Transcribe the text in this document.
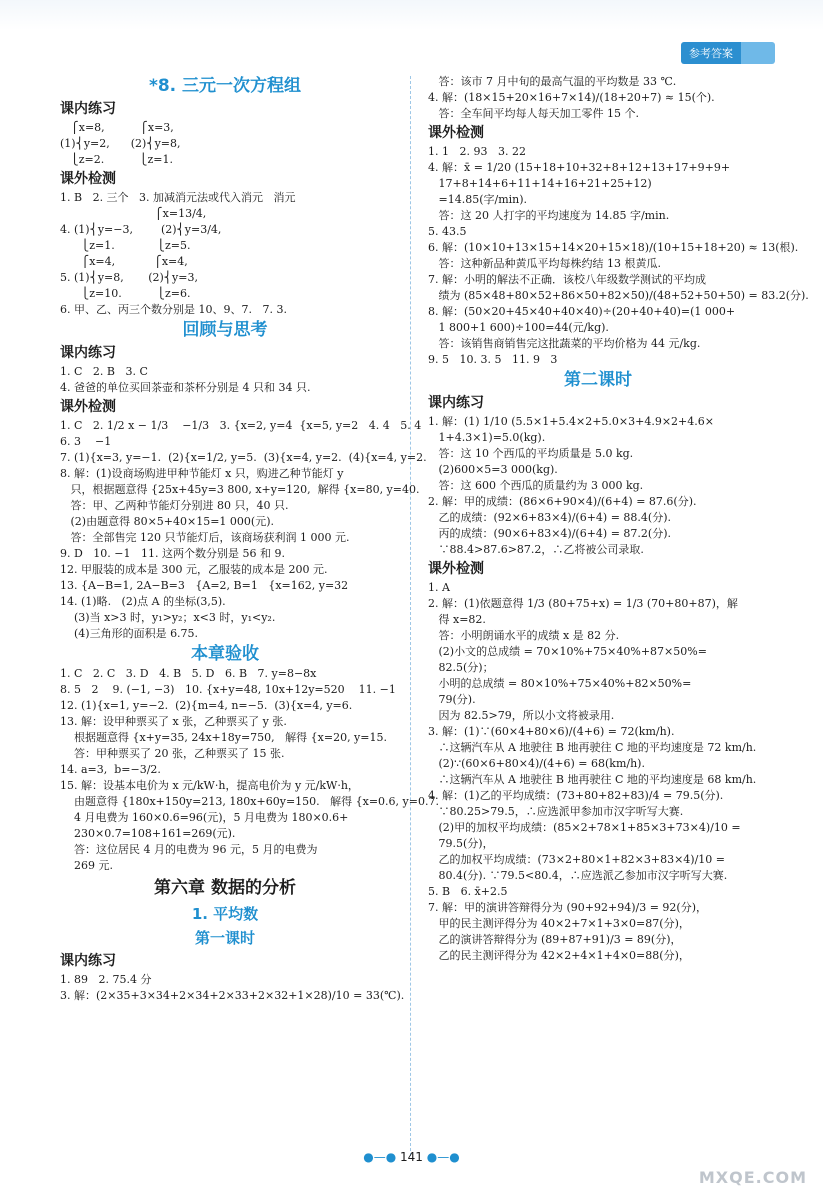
参考答案
*8. 三元一次方程组
课内练习
⎧x=8,          ⎧x=3,
(1)⎨y=2,      (2)⎨y=8,
⎩z=2.          ⎩z=1.
课外检测
1. B   2. 三个   3. 加减消元法或代入消元   消元
⎧x=13/4,
4. (1)⎨y=−3,        (2)⎨y=3/4,
⎩z=1.            ⎩z=5.
⎧x=4,           ⎧x=4,
5. (1)⎨y=8,       (2)⎨y=3,
⎩z=10.          ⎩z=6.
6. 甲、乙、丙三个数分别是 10、9、7.   7. 3.
回顾与思考
课内练习
1. C   2. B   3. C
4. 爸爸的单位买回茶壶和茶杯分别是 4 只和 34 只.
课外检测
1. C   2. 1/2 x − 1/3    −1/3   3. {x=2, y=4  {x=5, y=2   4. 4   5. 4
6. 3    −1
7. (1){x=3, y=−1.  (2){x=1/2, y=5.  (3){x=4, y=2.  (4){x=4, y=2.
8. 解：(1)设商场购进甲种节能灯 x 只，购进乙种节能灯 y
只，根据题意得 {25x+45y=3 800, x+y=120,  解得 {x=80, y=40.
答：甲、乙两种节能灯分别进 80 只，40 只.
(2)由题意得 80×5+40×15=1 000(元).
答：全部售完 120 只节能灯后，该商场获利润 1 000 元.
9. D   10. −1   11. 这两个数分别是 56 和 9.
12. 甲服装的成本是 300 元，乙服装的成本是 200 元.
13. {A−B=1, 2A−B=3   {A=2, B=1   {x=162, y=32
14. (1)略.   (2)点 A 的坐标(3,5).
(3)当 x>3 时，y₁>y₂；x<3 时，y₁<y₂.
(4)三角形的面积是 6.75.
本章验收
1. C   2. C   3. D   4. B   5. D   6. B   7. y=8−8x
8. 5   2    9. (−1, −3)   10. {x+y=48, 10x+12y=520    11. −1
12. (1){x=1, y=−2.  (2){m=4, n=−5.  (3){x=4, y=6.
13. 解：设甲种票买了 x 张，乙种票买了 y 张.
根据题意得 {x+y=35, 24x+18y=750,   解得 {x=20, y=15.
答：甲种票买了 20 张，乙种票买了 15 张.
14. a=3,  b=−3/2.
15. 解：设基本电价为 x 元/kW·h，提高电价为 y 元/kW·h，
由题意得 {180x+150y=213, 180x+60y=150.   解得 {x=0.6, y=0.7.
4 月电费为 160×0.6=96(元)，5 月电费为 180×0.6+
230×0.7=108+161=269(元).
答：这位居民 4 月的电费为 96 元，5 月的电费为
269 元.
第六章 数据的分析
1. 平均数
第一课时
课内练习
1. 89   2. 75.4 分
3. 解：(2×35+3×34+2×34+2×33+2×32+1×28)/10 = 33(℃).
答：该市 7 月中旬的最高气温的平均数是 33 ℃.
4. 解：(18×15+20×16+7×14)/(18+20+7) ≈ 15(个).
答：全车间平均每人每天加工零件 15 个.
课外检测
1. 1   2. 93   3. 22
4. 解：x̄ = 1/20 (15+18+10+32+8+12+13+17+9+9+
17+8+14+6+11+14+16+21+25+12)
=14.85(字/min).
答：这 20 人打字的平均速度为 14.85 字/min.
5. 43.5
6. 解：(10×10+13×15+14×20+15×18)/(10+15+18+20) ≈ 13(根).
答：这种新品种黄瓜平均每株约结 13 根黄瓜.
7. 解：小明的解法不正确．该校八年级数学测试的平均成
绩为 (85×48+80×52+86×50+82×50)/(48+52+50+50) = 83.2(分).
8. 解：(50×20+45×40+40×40)÷(20+40+40)=(1 000+
1 800+1 600)÷100=44(元/kg).
答：该销售商销售完这批蔬菜的平均价格为 44 元/kg.
9. 5   10. 3. 5   11. 9   3
第二课时
课内练习
1. 解：(1) 1/10 (5.5×1+5.4×2+5.0×3+4.9×2+4.6×
1+4.3×1)=5.0(kg).
答：这 10 个西瓜的平均质量是 5.0 kg.
(2)600×5=3 000(kg).
答：这 600 个西瓜的质量约为 3 000 kg.
2. 解：甲的成绩：(86×6+90×4)/(6+4) = 87.6(分).
乙的成绩：(92×6+83×4)/(6+4) = 88.4(分).
丙的成绩：(90×6+83×4)/(6+4) = 87.2(分).
∵88.4>87.6>87.2，∴乙将被公司录取.
课外检测
1. A
2. 解：(1)依题意得 1/3 (80+75+x) = 1/3 (70+80+87)，解
得 x=82.
答：小明朗诵水平的成绩 x 是 82 分.
(2)小文的总成绩 = 70×10%+75×40%+87×50%=
82.5(分)；
小明的总成绩 = 80×10%+75×40%+82×50%=
79(分).
因为 82.5>79，所以小文将被录用.
3. 解：(1)∵(60×4+80×6)/(4+6) = 72(km/h).
∴这辆汽车从 A 地驶往 B 地再驶往 C 地的平均速度是 72 km/h.
(2)∵(60×6+80×4)/(4+6) = 68(km/h).
∴这辆汽车从 A 地驶往 B 地再驶往 C 地的平均速度是 68 km/h.
4. 解：(1)乙的平均成绩：(73+80+82+83)/4 = 79.5(分).
∵80.25>79.5，∴应选派甲参加市汉字听写大赛.
(2)甲的加权平均成绩：(85×2+78×1+85×3+73×4)/10 =
79.5(分)，
乙的加权平均成绩：(73×2+80×1+82×3+83×4)/10 =
80.4(分). ∵79.5<80.4，∴应选派乙参加市汉字听写大赛.
5. B   6. x̄+2.5
7. 解：甲的演讲答辩得分为 (90+92+94)/3 = 92(分)，
甲的民主测评得分为 40×2+7×1+3×0=87(分)，
乙的演讲答辩得分为 (89+87+91)/3 = 89(分)，
乙的民主测评得分为 42×2+4×1+4×0=88(分)，
●—● 141 ●—●
MXQE.COM
